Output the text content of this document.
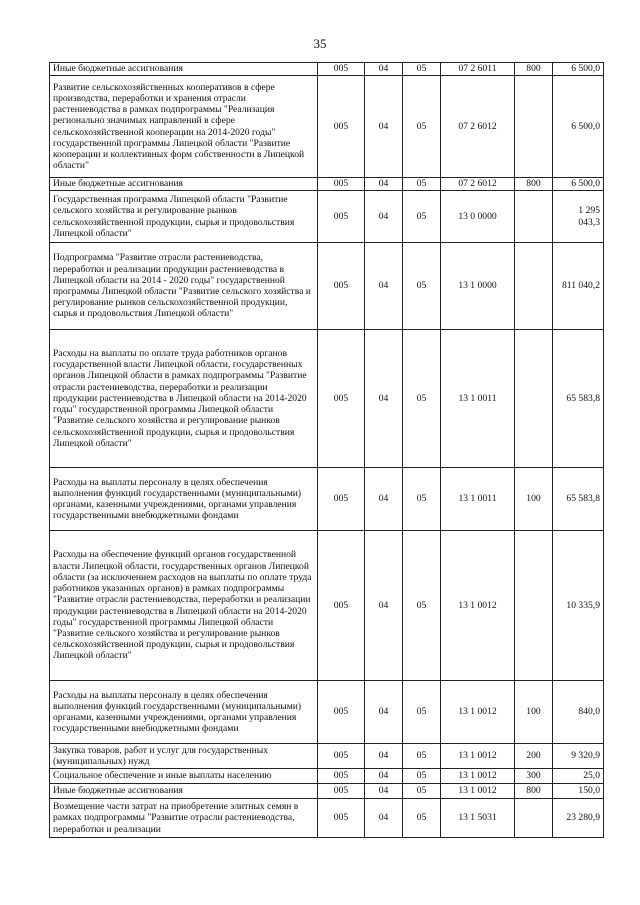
35
Иные бюджетные ассигнования	005	04	05	07 2 6011	800	6 500,0
Развитие сельскохозяйственных кооперативов в сфере производства, переработки и хранения отрасли растениеводства в рамках подпрограммы "Реализация регионально значимых направлений в сфере сельскохозяйственной кооперации на 2014-2020 годы" государственной программы Липецкой области "Развитие кооперации и коллективных форм собственности в Липецкой области"	005	04	05	07 2 6012		6 500,0
Иные бюджетные ассигнования	005	04	05	07 2 6012	800	6 500,0
Государственная программа Липецкой области "Развитие сельского хозяйства и регулирование рынков сельскохозяйственной продукции, сырья и продовольствия Липецкой области"	005	04	05	13 0 0000		1 295 043,3
Подпрограмма "Развитие отрасли растениеводства, переработки и реализации продукции растениеводства в Липецкой области на 2014 - 2020 годы" государственной программы Липецкой области "Развитие сельского хозяйства и регулирование рынков сельскохозяйственной продукции, сырья и продовольствия Липецкой области"	005	04	05	13 1 0000		811 040,2
Расходы на выплаты по оплате труда работников органов государственной власти Липецкой области, государственных органов Липецкой области в рамках подпрограммы "Развитие отрасли растениеводства, переработки и реализации продукции растениеводства в Липецкой области на 2014-2020 годы" государственной программы Липецкой области "Развитие сельского хозяйства и регулирование рынков сельскохозяйственной продукции, сырья и продовольствия Липецкой области"	005	04	05	13 1 0011		65 583,8
Расходы на выплаты персоналу в целях обеспечения выполнения функций государственными (муниципальными) органами, казенными учреждениями, органами управления государственными внебюджетными фондами	005	04	05	13 1 0011	100	65 583,8
Расходы на обеспечение функций органов государственной власти Липецкой области, государственных органов Липецкой области (за исключением расходов на выплаты по оплате труда работников указанных органов) в рамках подпрограммы "Развитие отрасли растениеводства, переработки и реализации продукции растениеводства в Липецкой области на 2014-2020 годы" государственной программы Липецкой области "Развитие сельского хозяйства и регулирование рынков сельскохозяйственной продукции, сырья и продовольствия Липецкой области"	005	04	05	13 1 0012		10 335,9
Расходы на выплаты персоналу в целях обеспечения выполнения функций государственными (муниципальными) органами, казенными учреждениями, органами управления государственными внебюджетными фондами	005	04	05	13 1 0012	100	840,0
Закупка товаров, работ и услуг для государственных (муниципальных) нужд	005	04	05	13 1 0012	200	9 320,9
Социальное обеспечение и иные выплаты населению	005	04	05	13 1 0012	300	25,0
Иные бюджетные ассигнования	005	04	05	13 1 0012	800	150,0
Возмещение части затрат на приобретение элитных семян в рамках подпрограммы "Развитие отрасли растениеводства, переработки и реализации	005	04	05	13 1 5031		23 280,9
